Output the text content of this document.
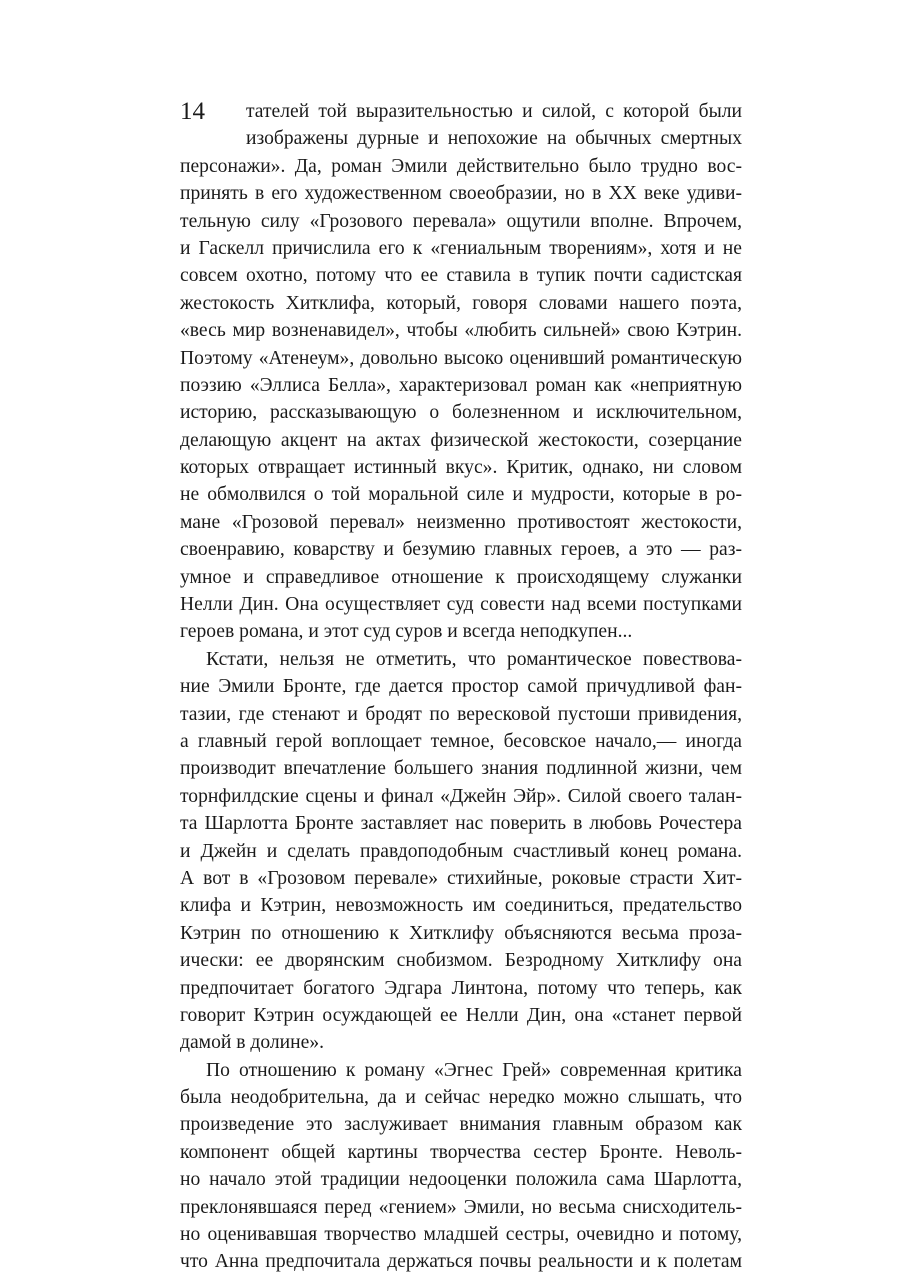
14	тателей той выразительностью и силой, с которой были
изображены дурные и непохожие на обычных смертных
персонажи». Да, роман Эмили действительно было трудно вос-
принять в его художественном своеобразии, но в XX веке удиви-
тельную силу «Грозового перевала» ощутили вполне. Впрочем,
и Гаскелл причислила его к «гениальным творениям», хотя и не
совсем охотно, потому что ее ставила в тупик почти садистская
жестокость Хитклифа, который, говоря словами нашего поэта,
«весь мир возненавидел», чтобы «любить сильней» свою Кэтрин.
Поэтому «Атенеум», довольно высоко оценивший романтическую
поэзию «Эллиса Белла», характеризовал роман как «неприятную
историю, рассказывающую о болезненном и исключительном,
делающую акцент на актах физической жестокости, созерцание
которых отвращает истинный вкус». Критик, однако, ни словом
не обмолвился о той моральной силе и мудрости, которые в ро-
мане «Грозовой перевал» неизменно противостоят жестокости,
своенравию, коварству и безумию главных героев, а это — раз-
умное и справедливое отношение к происходящему служанки
Нелли Дин. Она осуществляет суд совести над всеми поступками
героев романа, и этот суд суров и всегда неподкупен...
Кстати, нельзя не отметить, что романтическое повествова-
ние Эмили Бронте, где дается простор самой причудливой фан-
тазии, где стенают и бродят по вересковой пустоши привидения,
а главный герой воплощает темное, бесовское начало,— иногда
производит впечатление большего знания подлинной жизни, чем
торнфилдские сцены и финал «Джейн Эйр». Силой своего талан-
та Шарлотта Бронте заставляет нас поверить в любовь Рочестера
и Джейн и сделать правдоподобным счастливый конец романа.
А вот в «Грозовом перевале» стихийные, роковые страсти Хит-
клифа и Кэтрин, невозможность им соединиться, предательство
Кэтрин по отношению к Хитклифу объясняются весьма проза-
ически: ее дворянским снобизмом. Безродному Хитклифу она
предпочитает богатого Эдгара Линтона, потому что теперь, как
говорит Кэтрин осуждающей ее Нелли Дин, она «станет первой
дамой в долине».
По отношению к роману «Эгнес Грей» современная критика
была неодобрительна, да и сейчас нередко можно слышать, что
произведение это заслуживает внимания главным образом как
компонент общей картины творчества сестер Бронте. Неволь-
но начало этой традиции недооценки положила сама Шарлотта,
преклонявшаяся перед «гением» Эмили, но весьма снисходитель-
но оценивавшая творчество младшей сестры, очевидно и потому,
что Анна предпочитала держаться почвы реальности и к полетам
